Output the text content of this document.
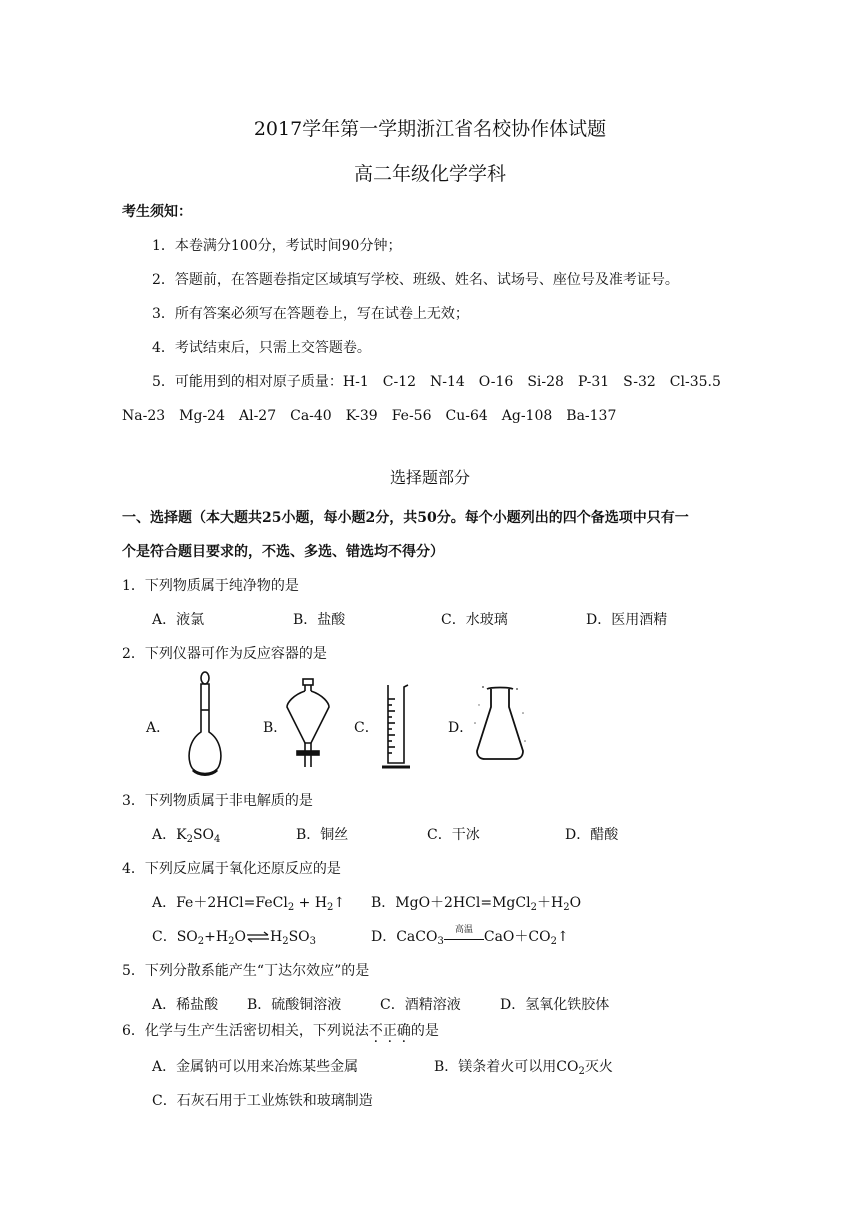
2017学年第一学期浙江省名校协作体试题
高二年级化学学科
考生须知：
1．本卷满分100分，考试时间90分钟；
2．答题前，在答题卷指定区域填写学校、班级、姓名、试场号、座位号及准考证号。
3．所有答案必须写在答题卷上，写在试卷上无效；
4．考试结束后，只需上交答题卷。
5．可能用到的相对原子质量：H-1　C-12　N-14　O-16　Si-28　P-31　S-32　Cl-35.5
Na-23　Mg-24　Al-27　Ca-40　K-39　Fe-56　Cu-64　Ag-108　Ba-137
选择题部分
一、选择题（本大题共25小题，每小题2分，共50分。每个小题列出的四个备选项中只有一
个是符合题目要求的，不选、多选、错选均不得分）
1．下列物质属于纯净物的是
A．液氯	B．盐酸	C．水玻璃	D．医用酒精
2．下列仪器可作为反应容器的是
A．	B．	C．	D．
3．下列物质属于非电解质的是
A．$K_2SO_4$	B．铜丝	C．干冰	D．醋酸
4．下列反应属于氧化还原反应的是
A．Fe＋2HCl=FeCl$_2$ + $H_2↑$ B．$MgO+2HCl=MgCl_2+H_2O$
C．$SO_2+H_2O\rightleftharpoons H_2SO_3$	D．CaCO$_3$
高温 $CaO+CO_2↑$
5．下列分散系能产生“丁达尔效应”的是
A．稀盐酸 B．硫酸铜溶液	C．酒精溶液	D．氢氧化铁胶体
6．化学与生产生活密切相关，下列说法不正确的是
A．金属钠可以用来冶炼某些金属	B．镁条着火可以用$CO_2$灭火
C．石灰石用于工业炼铁和玻璃制造
